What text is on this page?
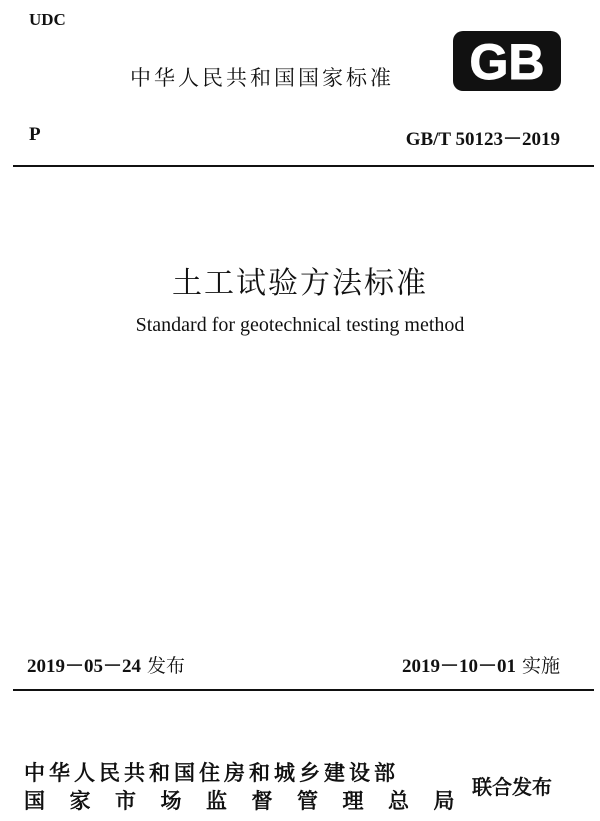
UDC
中华人民共和国国家标准 GB
P	GB/T 50123－2019
土工试验方法标准
Standard for geotechnical testing method
2019－05－24 发布	2019－10－01 实施
中华人民共和国住房和城乡建设部
国家市场监督管理总局
联合发布
